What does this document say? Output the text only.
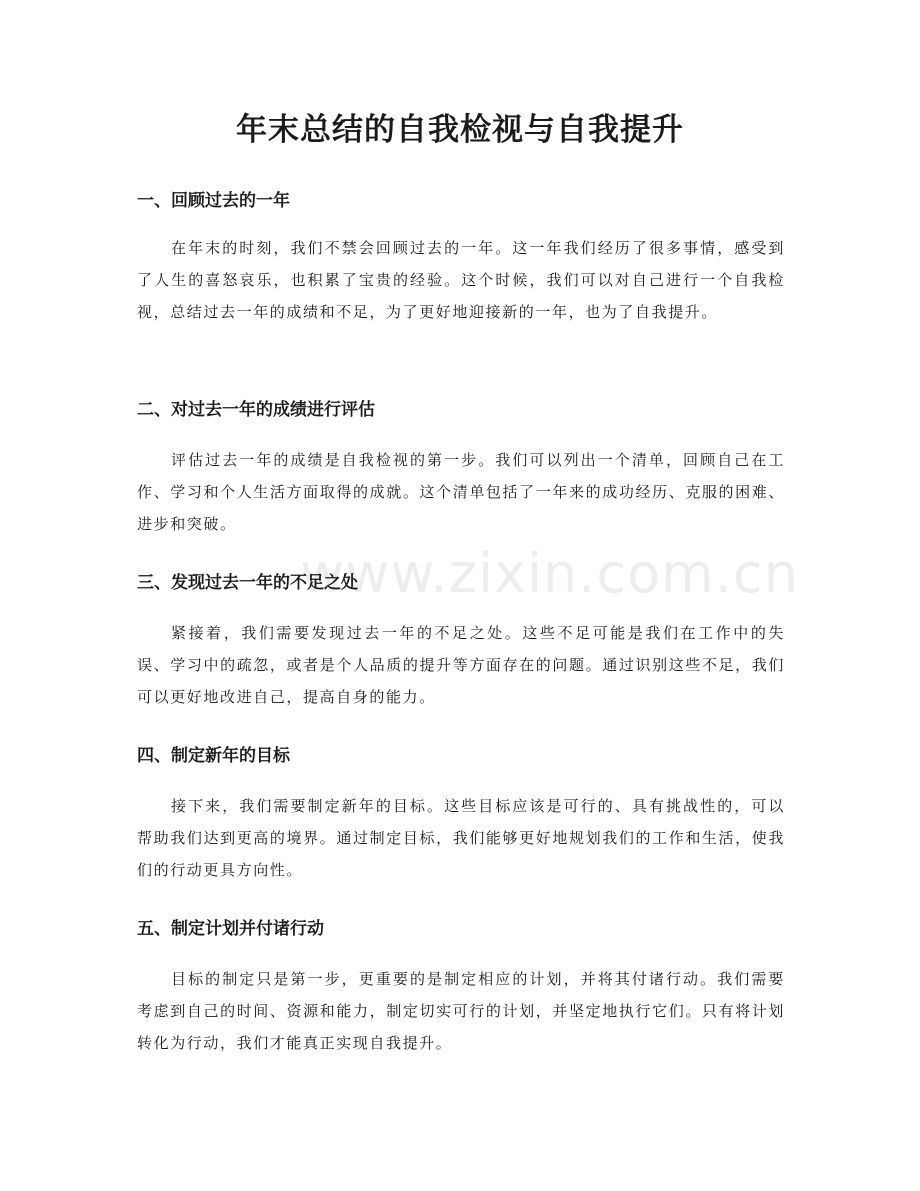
年末总结的自我检视与自我提升
一、回顾过去的一年

在年末的时刻，我们不禁会回顾过去的一年。这一年我们经历了很多事情，感受到了人生的喜怒哀乐，也积累了宝贵的经验。这个时候，我们可以对自己进行一个自我检视，总结过去一年的成绩和不足，为了更好地迎接新的一年，也为了自我提升。

二、对过去一年的成绩进行评估

评估过去一年的成绩是自我检视的第一步。我们可以列出一个清单，回顾自己在工作、学习和个人生活方面取得的成就。这个清单包括了一年来的成功经历、克服的困难、进步和突破。

三、发现过去一年的不足之处

紧接着，我们需要发现过去一年的不足之处。这些不足可能是我们在工作中的失误、学习中的疏忽，或者是个人品质的提升等方面存在的问题。通过识别这些不足，我们可以更好地改进自己，提高自身的能力。

四、制定新年的目标

接下来，我们需要制定新年的目标。这些目标应该是可行的、具有挑战性的，可以帮助我们达到更高的境界。通过制定目标，我们能够更好地规划我们的工作和生活，使我们的行动更具方向性。

五、制定计划并付诸行动

目标的制定只是第一步，更重要的是制定相应的计划，并将其付诸行动。我们需要考虑到自己的时间、资源和能力，制定切实可行的计划，并坚定地执行它们。只有将计划转化为行动，我们才能真正实现自我提升。

www.zixin.com.cn
